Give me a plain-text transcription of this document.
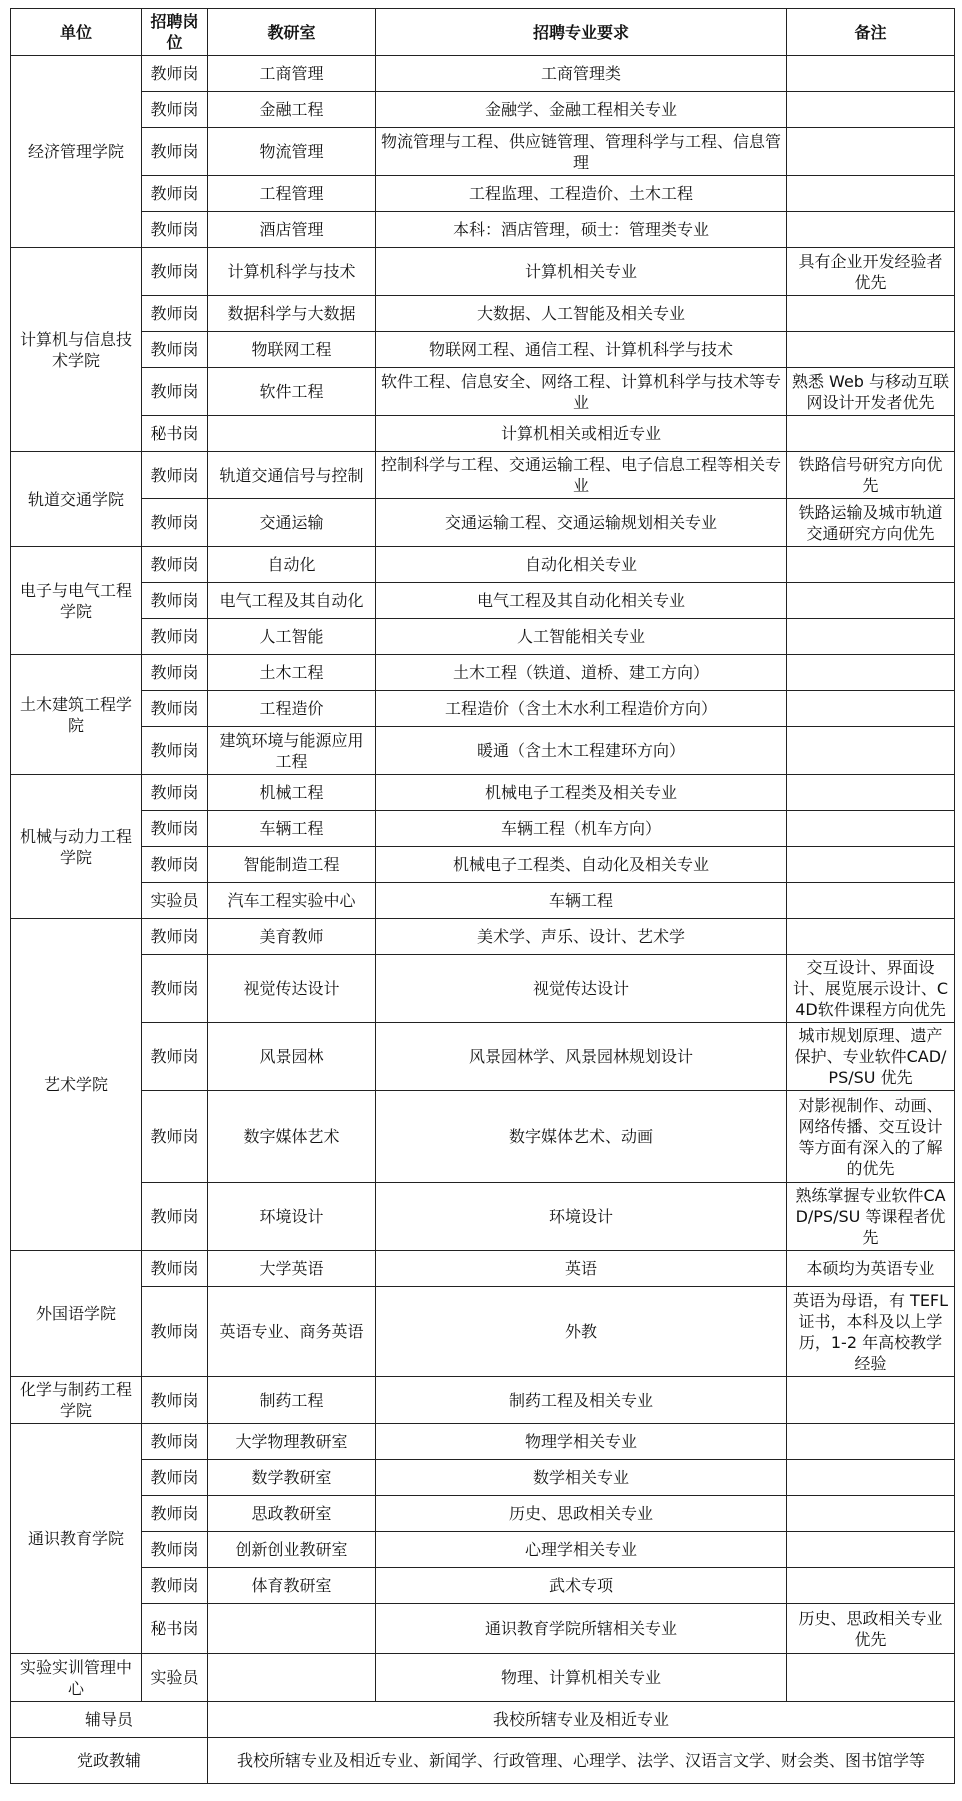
单位	招聘岗位	教研室	招聘专业要求	备注
经济管理学院	教师岗	工商管理	工商管理类	
	教师岗	金融工程	金融学、金融工程相关专业	
	教师岗	物流管理	物流管理与工程、供应链管理、管理科学与工程、信息管理	
	教师岗	工程管理	工程监理、工程造价、土木工程	
	教师岗	酒店管理	本科：酒店管理，硕士：管理类专业	
计算机与信息技术学院	教师岗	计算机科学与技术	计算机相关专业	具有企业开发经验者优先
	教师岗	数据科学与大数据	大数据、人工智能及相关专业	
	教师岗	物联网工程	物联网工程、通信工程、计算机科学与技术	
	教师岗	软件工程	软件工程、信息安全、网络工程、计算机科学与技术等专业	熟悉 Web 与移动互联网设计开发者优先
	秘书岗		计算机相关或相近专业	
轨道交通学院	教师岗	轨道交通信号与控制	控制科学与工程、交通运输工程、电子信息工程等相关专业	铁路信号研究方向优先
	教师岗	交通运输	交通运输工程、交通运输规划相关专业	铁路运输及城市轨道交通研究方向优先
电子与电气工程学院	教师岗	自动化	自动化相关专业	
	教师岗	电气工程及其自动化	电气工程及其自动化相关专业	
	教师岗	人工智能	人工智能相关专业	
土木建筑工程学院	教师岗	土木工程	土木工程（铁道、道桥、建工方向）	
	教师岗	工程造价	工程造价（含土木水利工程造价方向）	
	教师岗	建筑环境与能源应用工程	暖通（含土木工程建环方向）	
机械与动力工程学院	教师岗	机械工程	机械电子工程类及相关专业	
	教师岗	车辆工程	车辆工程（机车方向）	
	教师岗	智能制造工程	机械电子工程类、自动化及相关专业	
	实验员	汽车工程实验中心	车辆工程	
艺术学院	教师岗	美育教师	美术学、声乐、设计、艺术学	
	教师岗	视觉传达设计	视觉传达设计	交互设计、界面设计、展览展示设计、C4D软件课程方向优先
	教师岗	风景园林	风景园林学、风景园林规划设计	城市规划原理、遗产保护、专业软件CAD/PS/SU 优先
	教师岗	数字媒体艺术	数字媒体艺术、动画	对影视制作、动画、网络传播、交互设计等方面有深入的了解的优先
	教师岗	环境设计	环境设计	熟练掌握专业软件CAD/PS/SU 等课程者优先
外国语学院	教师岗	大学英语	英语	本硕均为英语专业
	教师岗	英语专业、商务英语	外教	英语为母语，有 TEFL 证书，本科及以上学历，1-2 年高校教学经验
化学与制药工程学院	教师岗	制药工程	制药工程及相关专业	
通识教育学院	教师岗	大学物理教研室	物理学相关专业	
	教师岗	数学教研室	数学相关专业	
	教师岗	思政教研室	历史、思政相关专业	
	教师岗	创新创业教研室	心理学相关专业	
	教师岗	体育教研室	武术专项	
	秘书岗		通识教育学院所辖相关专业	历史、思政相关专业优先
实验实训管理中心	实验员		物理、计算机相关专业	
辅导员		我校所辖专业及相近专业		
党政教辅		我校所辖专业及相近专业、新闻学、行政管理、心理学、法学、汉语言文学、财会类、图书馆学等		
